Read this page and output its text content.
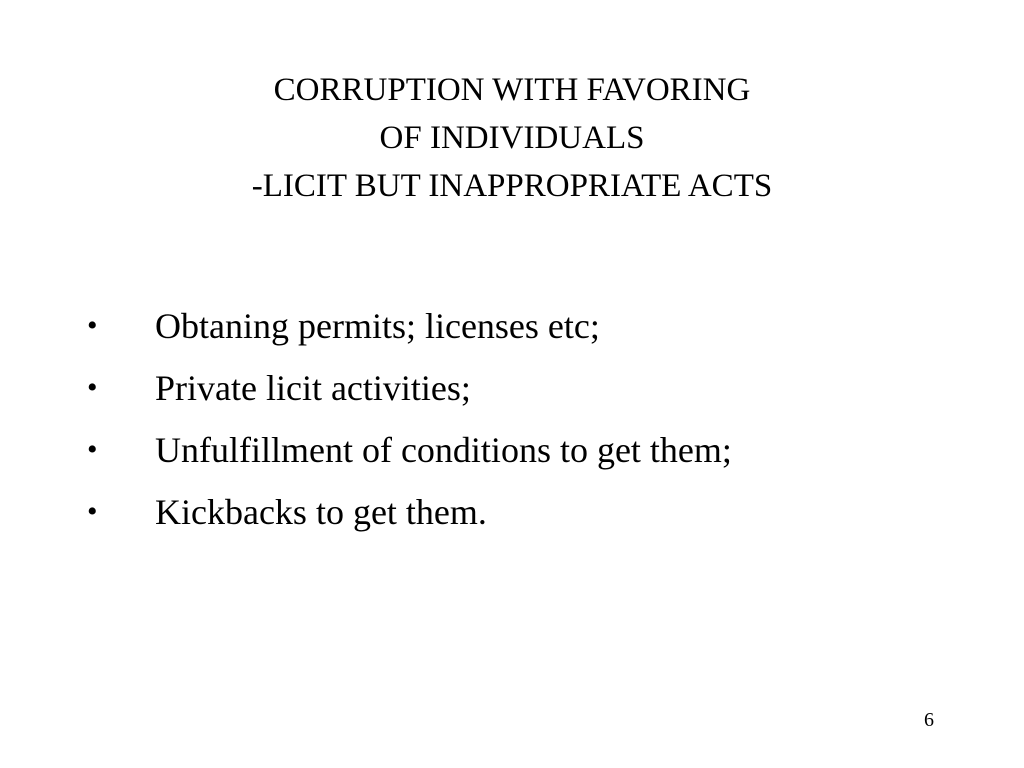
CORRUPTION WITH FAVORING
OF INDIVIDUALS
-LICIT BUT INAPPROPRIATE ACTS
• Obtaning permits; licenses etc;
• Private licit activities;
• Unfulfillment of conditions to get them;
• Kickbacks to get them.
6
